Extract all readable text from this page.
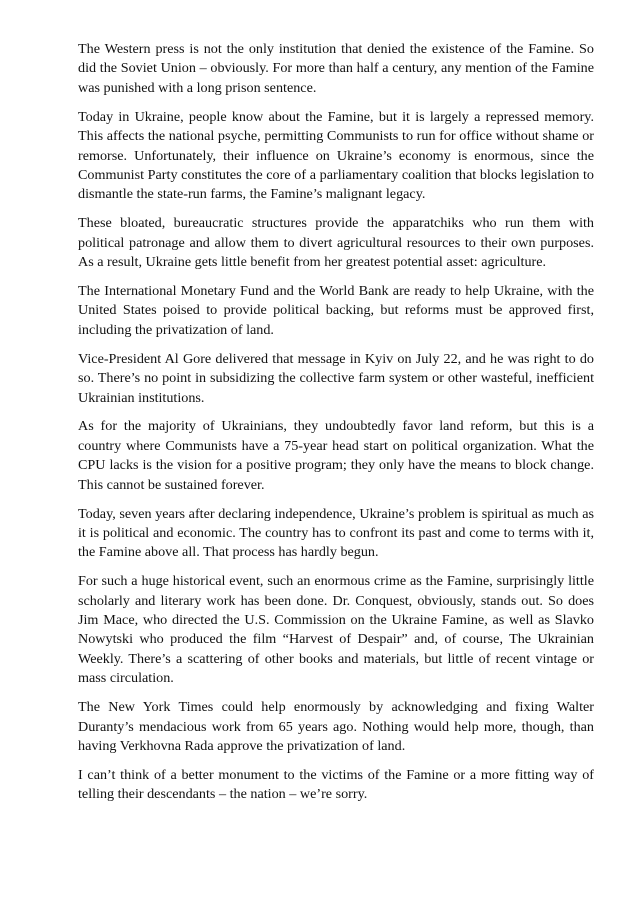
The Western press is not the only institution that denied the existence of the Famine. So did the Soviet Union – obviously. For more than half a century, any mention of the Famine was punished with a long prison sentence.

Today in Ukraine, people know about the Famine, but it is largely a repressed memory. This affects the national psyche, permitting Communists to run for office without shame or remorse. Unfortunately, their influence on Ukraine’s economy is enormous, since the Communist Party constitutes the core of a parliamentary coalition that blocks legislation to dismantle the state-run farms, the Famine’s malignant legacy.

These bloated, bureaucratic structures provide the apparatchiks who run them with political patronage and allow them to divert agricultural resources to their own purposes. As a result, Ukraine gets little benefit from her greatest potential asset: agriculture.

The International Monetary Fund and the World Bank are ready to help Ukraine, with the United States poised to provide political backing, but reforms must be approved first, including the privatization of land.

Vice-President Al Gore delivered that message in Kyiv on July 22, and he was right to do so. There’s no point in subsidizing the collective farm system or other wasteful, inefficient Ukrainian institutions.

As for the majority of Ukrainians, they undoubtedly favor land reform, but this is a country where Communists have a 75-year head start on political organization. What the CPU lacks is the vision for a positive program; they only have the means to block change. This cannot be sustained forever.

Today, seven years after declaring independence, Ukraine’s problem is spiritual as much as it is political and economic. The country has to confront its past and come to terms with it, the Famine above all. That process has hardly begun.

For such a huge historical event, such an enormous crime as the Famine, surprisingly little scholarly and literary work has been done. Dr. Conquest, obviously, stands out. So does Jim Mace, who directed the U.S. Commission on the Ukraine Famine, as well as Slavko Nowytski who produced the film “Harvest of Despair” and, of course, The Ukrainian Weekly. There’s a scattering of other books and materials, but little of recent vintage or mass circulation.

The New York Times could help enormously by acknowledging and fixing Walter Duranty’s mendacious work from 65 years ago. Nothing would help more, though, than having Verkhovna Rada approve the privatization of land.

I can’t think of a better monument to the victims of the Famine or a more fitting way of telling their descendants – the nation – we’re sorry.
